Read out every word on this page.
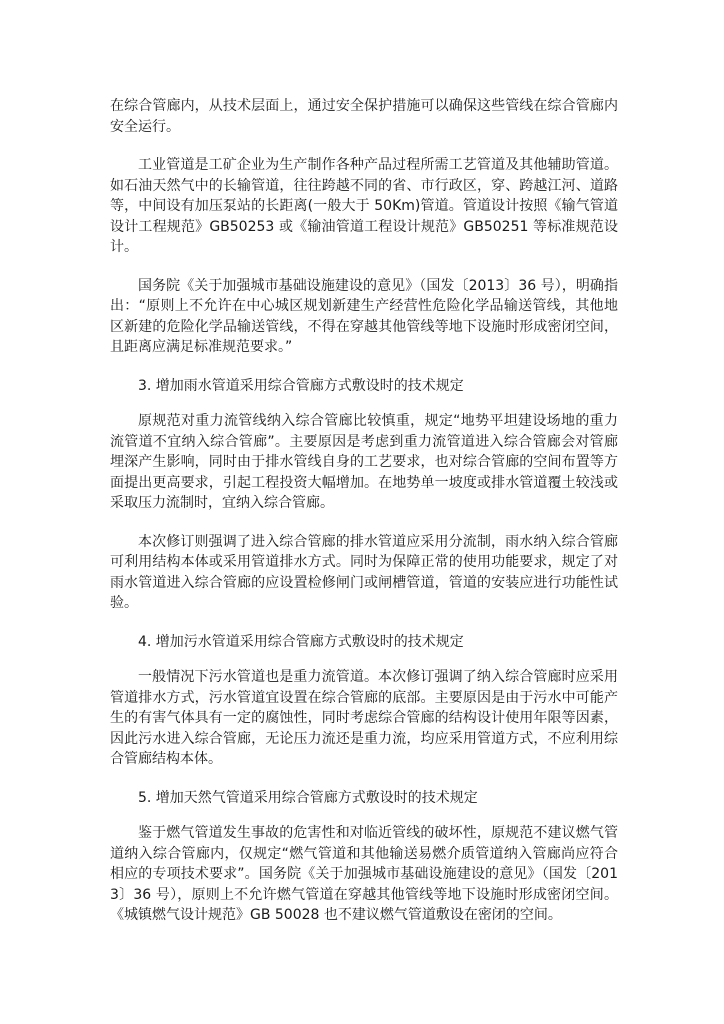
在综合管廊内，从技术层面上，通过安全保护措施可以确保这些管线在综合管廊内安全运行。

工业管道是工矿企业为生产制作各种产品过程所需工艺管道及其他辅助管道。如石油天然气中的长输管道，往往跨越不同的省、市行政区，穿、跨越江河、道路等，中间设有加压泵站的长距离(一般大于 50Km)管道。管道设计按照《输气管道设计工程规范》GB50253 或《输油管道工程设计规范》GB50251 等标准规范设计。

国务院《关于加强城市基础设施建设的意见》（国发〔2013〕36 号），明确指出：“原则上不允许在中心城区规划新建生产经营性危险化学品输送管线，其他地区新建的危险化学品输送管线，不得在穿越其他管线等地下设施时形成密闭空间，且距离应满足标准规范要求。”

3. 增加雨水管道采用综合管廊方式敷设时的技术规定

原规范对重力流管线纳入综合管廊比较慎重，规定“地势平坦建设场地的重力流管道不宜纳入综合管廊”。主要原因是考虑到重力流管道进入综合管廊会对管廊埋深产生影响，同时由于排水管线自身的工艺要求，也对综合管廊的空间布置等方面提出更高要求，引起工程投资大幅增加。在地势单一坡度或排水管道覆土较浅或采取压力流制时，宜纳入综合管廊。

本次修订则强调了进入综合管廊的排水管道应采用分流制，雨水纳入综合管廊可利用结构本体或采用管道排水方式。同时为保障正常的使用功能要求，规定了对雨水管道进入综合管廊的应设置检修闸门或闸槽管道，管道的安装应进行功能性试验。

4. 增加污水管道采用综合管廊方式敷设时的技术规定

一般情况下污水管道也是重力流管道。本次修订强调了纳入综合管廊时应采用管道排水方式，污水管道宜设置在综合管廊的底部。主要原因是由于污水中可能产生的有害气体具有一定的腐蚀性，同时考虑综合管廊的结构设计使用年限等因素，因此污水进入综合管廊，无论压力流还是重力流，均应采用管道方式，不应利用综合管廊结构本体。

5. 增加天然气管道采用综合管廊方式敷设时的技术规定

鉴于燃气管道发生事故的危害性和对临近管线的破坏性，原规范不建议燃气管道纳入综合管廊内，仅规定“燃气管道和其他输送易燃介质管道纳入管廊尚应符合相应的专项技术要求”。国务院《关于加强城市基础设施建设的意见》（国发〔2013〕36 号），原则上不允许燃气管道在穿越其他管线等地下设施时形成密闭空间。《城镇燃气设计规范》GB 50028 也不建议燃气管道敷设在密闭的空间。
